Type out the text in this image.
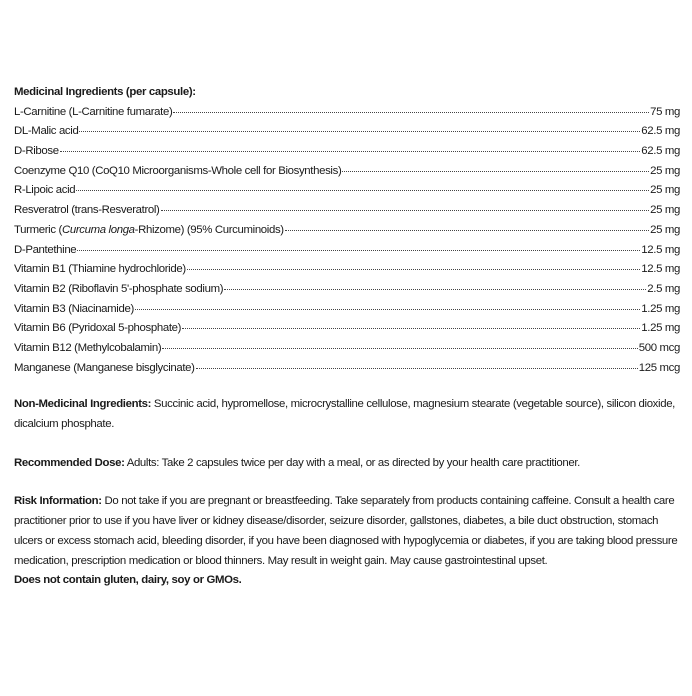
Medicinal Ingredients (per capsule):

L-Carnitine (L-Carnitine fumarate)	75 mg
DL-Malic acid	62.5 mg
D-Ribose	62.5 mg
Coenzyme Q10 (CoQ10 Microorganisms-Whole cell for Biosynthesis)	25 mg
R-Lipoic acid	25 mg
Resveratrol (trans-Resveratrol)	25 mg
Turmeric (Curcuma longa-Rhizome) (95% Curcuminoids)	25 mg
D-Pantethine	12.5 mg
Vitamin B1 (Thiamine hydrochloride)	12.5 mg
Vitamin B2 (Riboflavin 5'-phosphate sodium)	2.5 mg
Vitamin B3 (Niacinamide)	1.25 mg
Vitamin B6 (Pyridoxal 5-phosphate)	1.25 mg
Vitamin B12 (Methylcobalamin)	500 mcg
Manganese (Manganese bisglycinate)	125 mcg

Non-Medicinal Ingredients: Succinic acid, hypromellose, microcrystalline cellulose, magnesium stearate (vegetable source), silicon dioxide, dicalcium phosphate.

Recommended Dose: Adults: Take 2 capsules twice per day with a meal, or as directed by your health care practitioner.

Risk Information: Do not take if you are pregnant or breastfeeding. Take separately from products containing caffeine. Consult a health care practitioner prior to use if you have liver or kidney disease/disorder, seizure disorder, gallstones, diabetes, a bile duct obstruction, stomach ulcers or excess stomach acid, bleeding disorder, if you have been diagnosed with hypoglycemia or diabetes, if you are taking blood pressure medication, prescription medication or blood thinners. May result in weight gain. May cause gastrointestinal upset.

Does not contain gluten, dairy, soy or GMOs.
